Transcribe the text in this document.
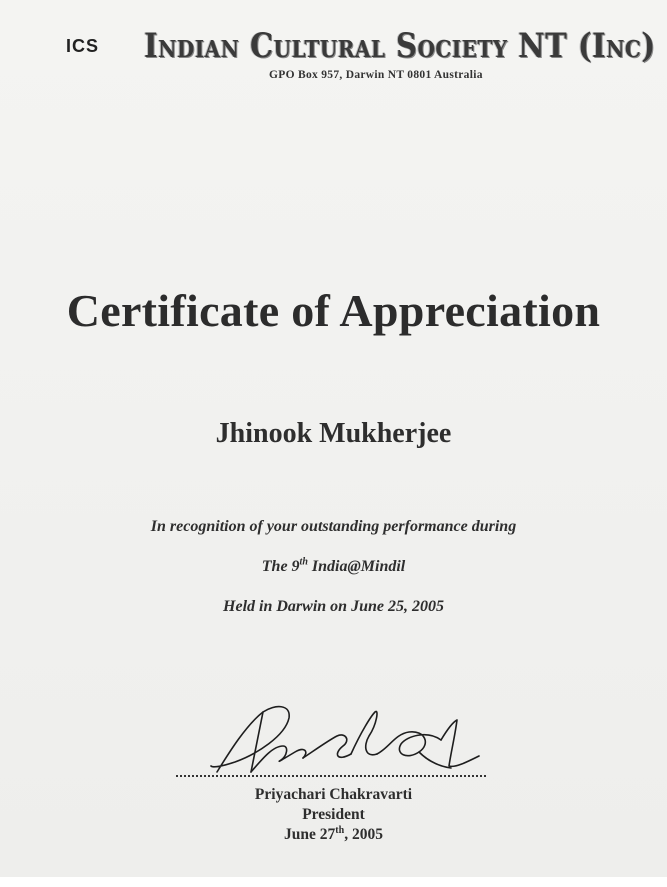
ICS Indian Cultural Society NT (Inc)
GPO Box 957, Darwin NT 0801 Australia
Certificate of Appreciation
Jhinook Mukherjee
In recognition of your outstanding performance during
The 9th India@Mindil
Held in Darwin on June 25, 2005
Priyachari Chakravarti
President
June 27th, 2005
